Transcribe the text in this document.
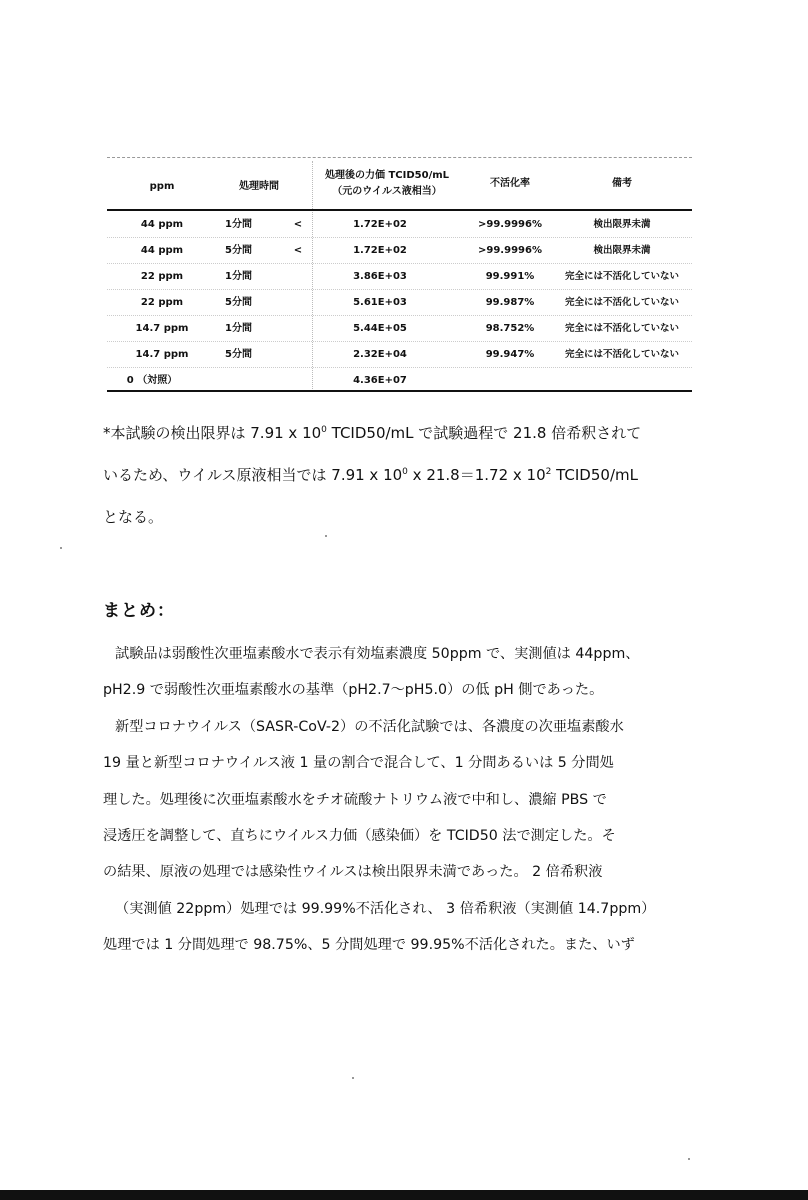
ppm	処理時間
処理後の力価 TCID50/mL
（元のウイルス液相当）
不活化率	備考
44 ppm	1分間	<	1.72E+02	>99.9996%	検出限界未満
44 ppm	5分間	<	1.72E+02	>99.9996%	検出限界未満
22 ppm	1分間	3.86E+03	99.991%	完全には不活化していない
22 ppm	5分間	5.61E+03	99.987%	完全には不活化していない
14.7 ppm	1分間	5.44E+05	98.752%	完全には不活化していない
14.7 ppm	5分間	2.32E+04	99.947%	完全には不活化していない
0 （対照）	4.36E+07

*本試験の検出限界は 7.91 x $10^0$ TCID50/mL で試験過程で 21.8 倍希釈されて
いるため、ウイルス原液相当では 7.91 x $10^0$ x 21.8＝1.72 x $10^2$ TCID50/mL
となる。

まとめ：
試験品は弱酸性次亜塩素酸水で表示有効塩素濃度 50ppm で、実測値は 44ppm、
pH2.9 で弱酸性次亜塩素酸水の基準（pH2.7～pH5.0）の低 pH 側であった。
新型コロナウイルス（SASR-CoV-2）の不活化試験では、各濃度の次亜塩素酸水
19 量と新型コロナウイルス液 1 量の割合で混合して、1 分間あるいは 5 分間処
理した。処理後に次亜塩素酸水をチオ硫酸ナトリウム液で中和し、濃縮 PBS で
浸透圧を調整して、直ちにウイルス力価（感染価）を TCID50 法で測定した。そ
の結果、原液の処理では感染性ウイルスは検出限界未満であった。 2 倍希釈液
（実測値 22ppm）処理では 99.99%不活化され、 3 倍希釈液（実測値 14.7ppm）
処理では 1 分間処理で 98.75%、5 分間処理で 99.95%不活化された。また、いず
